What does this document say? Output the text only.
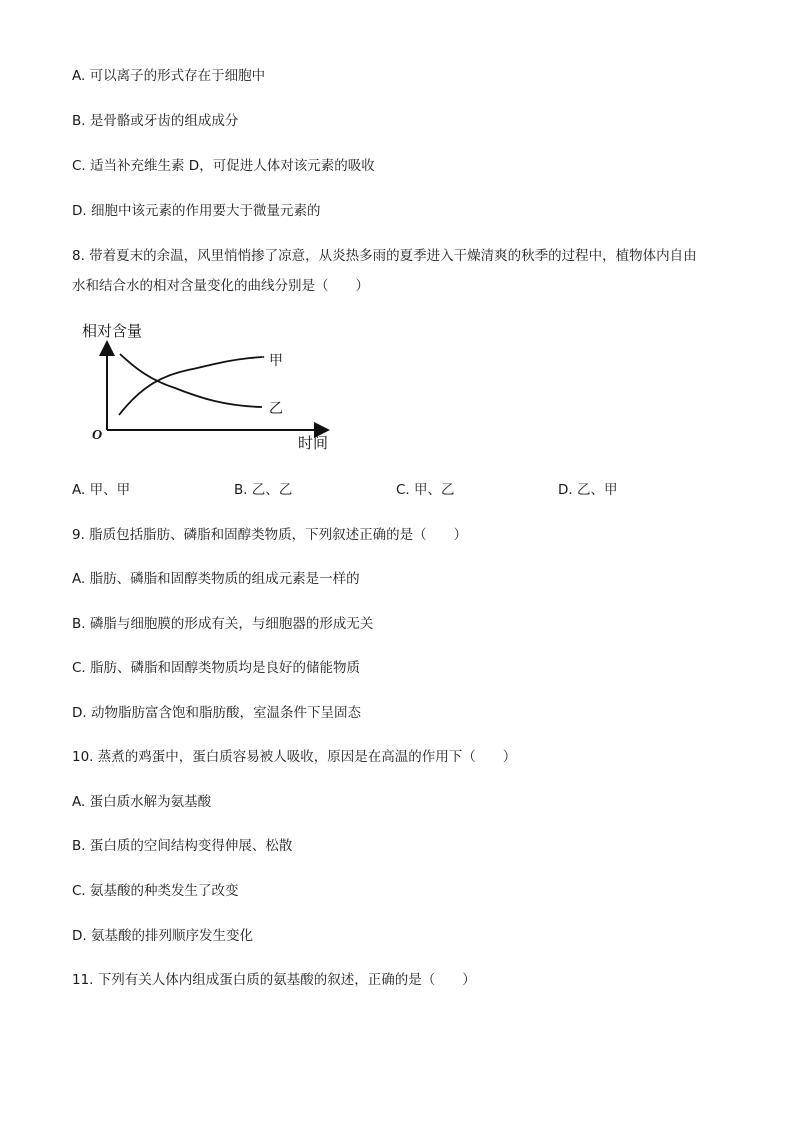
A. 可以离子的形式存在于细胞中
B. 是骨骼或牙齿的组成成分
C. 适当补充维生素 D，可促进人体对该元素的吸收
D. 细胞中该元素的作用要大于微量元素的
8. 带着夏末的余温，风里悄悄掺了凉意，从炎热多雨的夏季进入干燥清爽的秋季的过程中，植物体内自由
水和结合水的相对含量变化的曲线分别是（　　）
相对含量
O	时间
甲
乙
A. 甲、甲	B. 乙、乙	C. 甲、乙	D. 乙、甲
9. 脂质包括脂肪、磷脂和固醇类物质，下列叙述正确的是（　　）
A. 脂肪、磷脂和固醇类物质的组成元素是一样的
B. 磷脂与细胞膜的形成有关，与细胞器的形成无关
C. 脂肪、磷脂和固醇类物质均是良好的储能物质
D. 动物脂肪富含饱和脂肪酸，室温条件下呈固态
10. 蒸煮的鸡蛋中，蛋白质容易被人吸收，原因是在高温的作用下（　　）
A. 蛋白质水解为氨基酸
B. 蛋白质的空间结构变得伸展、松散
C. 氨基酸的种类发生了改变
D. 氨基酸的排列顺序发生变化
11. 下列有关人体内组成蛋白质的氨基酸的叙述，正确的是（　　）
